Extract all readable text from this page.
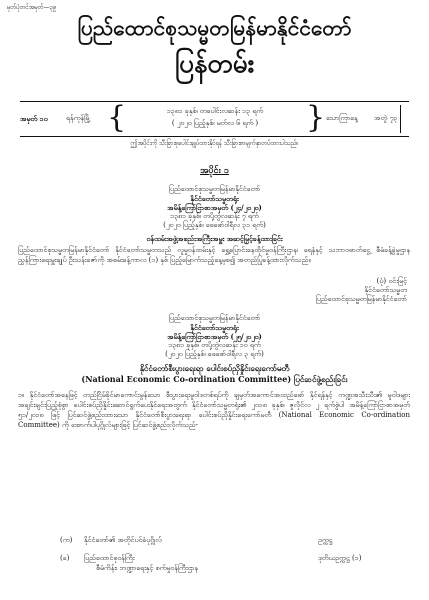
မှတ်ပုံတင်အမှတ်—၃၉
ပြည်ထောင်စုသမ္မတမြန်မာနိုင်ငံတော်
ပြန်တမ်း
အမှတ် ၁၀	ရန်ကုန်မြို့ {	၁၃၈၁ ခုနှစ်၊ တပေါင်းလဆန်း ၁၃ ရက်
( ၂၀၂၀ ပြည့်နှစ်၊ မတ်လ ၆ ရက် )	} သောကြာနေ့ အတွဲ ၇၃
ဤအပိုင်းကို သီးခြားစုပေါင်းချုပ်ထားနိုင်ရန် သီးခြားစာမျက်နှာတပ်ထားပါသည်။
အပိုင်း ၁
ပြည်ထောင်စုသမ္မတမြန်မာနိုင်ငံတော်
နိုင်ငံတော်သမ္မတရုံး
အမိန့်ကြော်ငြာစာအမှတ် (၂၄/၂၀၂၀)
၁၃၈၁ ခုနှစ်၊ တပို့တွဲလဆန်း ၇ ရက်
(၂၀၂၀ ပြည့်နှစ်၊ ဖေဖော်ဝါရီလ ၃၁ ရက်)
ဝန်ထမ်းအဖွဲ့အစည်းအကြီးအမှူး အဆင့်မြှင့်ခန့်ထားခြင်း
ပြည်ထောင်စုသမ္မတမြန်မာနိုင်ငံတော် နိုင်ငံတော်သမ္မတသည် လူမှုဝန်ထမ်းနှင့် ရွှေ့ပြောင်းနေထိုင်မှုဝန်ကြီးဌာန၊ ရေနံနှင့် သဘာဝဓာတ်ငွေ့ စီမံခန့်ခွဲမှုဌာန ညွှန်ကြားရေးမှူးချုပ် ဦးသန်းဇော်ကို အစမ်းခန့်ကာလ (၁) နှစ် ပြည့်မြောက်သည့်နေ့မှစ၍ အတည်ပြုခန့်ထားလိုက်သည်။
(ပုံ) ဝင်းမြင့်
နိုင်ငံတော်သမ္မတ
ပြည်ထောင်စုသမ္မတမြန်မာနိုင်ငံတော်
ပြည်ထောင်စုသမ္မတမြန်မာနိုင်ငံတော်
နိုင်ငံတော်သမ္မတရုံး
အမိန့်ကြော်ငြာစာအမှတ် (၂၅/၂၀၂၀)
၁၃၈၁ ခုနှစ်၊ တပို့တွဲလဆန်း ၁၀ ရက်
(၂၀၂၀ ပြည့်နှစ်၊ ဖေဖော်ဝါရီလ ၃ ရက်)
နိုင်ငံတော်စီးပွားရေးရာ ပေါင်းစပ်ညှိနှိုင်းရေးကော်မတီ
(National Economic Co-ordination Committee) ပြင်ဆင်ဖွဲ့စည်းခြင်း
၁။ နိုင်ငံတော်အနေဖြင့် တည်ငြိမ်ခိုင်မာကောင်းမွန်သော စီးပွားရေးမူဝါဒတစ်ရပ်ကို ချမှတ်အကောင်အထည်ဖော် နိုင်ရန်နှင့် ကဏ္ဍအသီးသီး၏ မူဝါဒများအချင်းချင်းပြည့်စုံစွာ ပေါင်းစပ်ညှိနှိုင်းဆောင်ရွက်ပေးနိုင်ရေးအတွက် နိုင်ငံတော်သမ္မတရုံး၏ ၂၀၁၈ ခုနှစ်၊ ဇူလိုင်လ ၂ ရက်စွဲပါ အမိန့်ကြော်ငြာစာအမှတ် ၅၁/၂၀၁၈ ဖြင့် ပြင်ဆင်ဖွဲ့စည်းထားသော နိုင်ငံတော်စီးပွားရေးရာ ပေါင်းစပ်ညှိနှိုင်းရေးကော်မတီ (National Economic Co-ordination Committee) ကို အောက်ပါပုဂ္ဂိုလ်များဖြင့် ပြင်ဆင်ဖွဲ့စည်းလိုက်သည်-
(က) နိုင်ငံတော်၏ အတိုင်ပင်ခံပုဂ္ဂိုလ်	ဥက္ကဋ္ဌ
(ခ) ပြည်ထောင်စုဝန်ကြီး
စီမံကိန်း၊ ဘဏ္ဍာရေးနှင့် စက်မှုဝန်ကြီးဌာန
ဒုတိယဥက္ကဋ္ဌ (၁)
